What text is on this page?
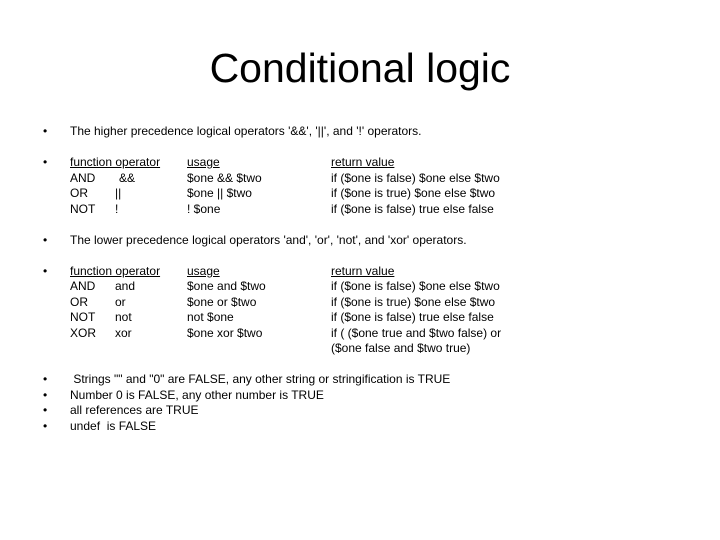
Conditional logic
• The higher precedence logical operators '&&', '||', and '!' operators.
• function operator	usage	return value
AND	&&	$one && $two	if ($one is false) $one else $two
OR	||	$one || $two	if ($one is true) $one else $two
NOT	!	! $one	if ($one is false) true else false
• The lower precedence logical operators 'and', 'or', 'not', and 'xor' operators.
• function operator	usage	return value
AND	and	$one and $two	if ($one is false) $one else $two
OR	or	$one or $two	if ($one is true) $one else $two
NOT	not	not $one	if ($one is false) true else false
XOR	xor	$one xor $two	if ( ($one true and $two false) or
($one false and $two true)
• Strings "" and "0" are FALSE, any other string or stringification is TRUE
• Number 0 is FALSE, any other number is TRUE
• all references are TRUE
• undef  is FALSE
